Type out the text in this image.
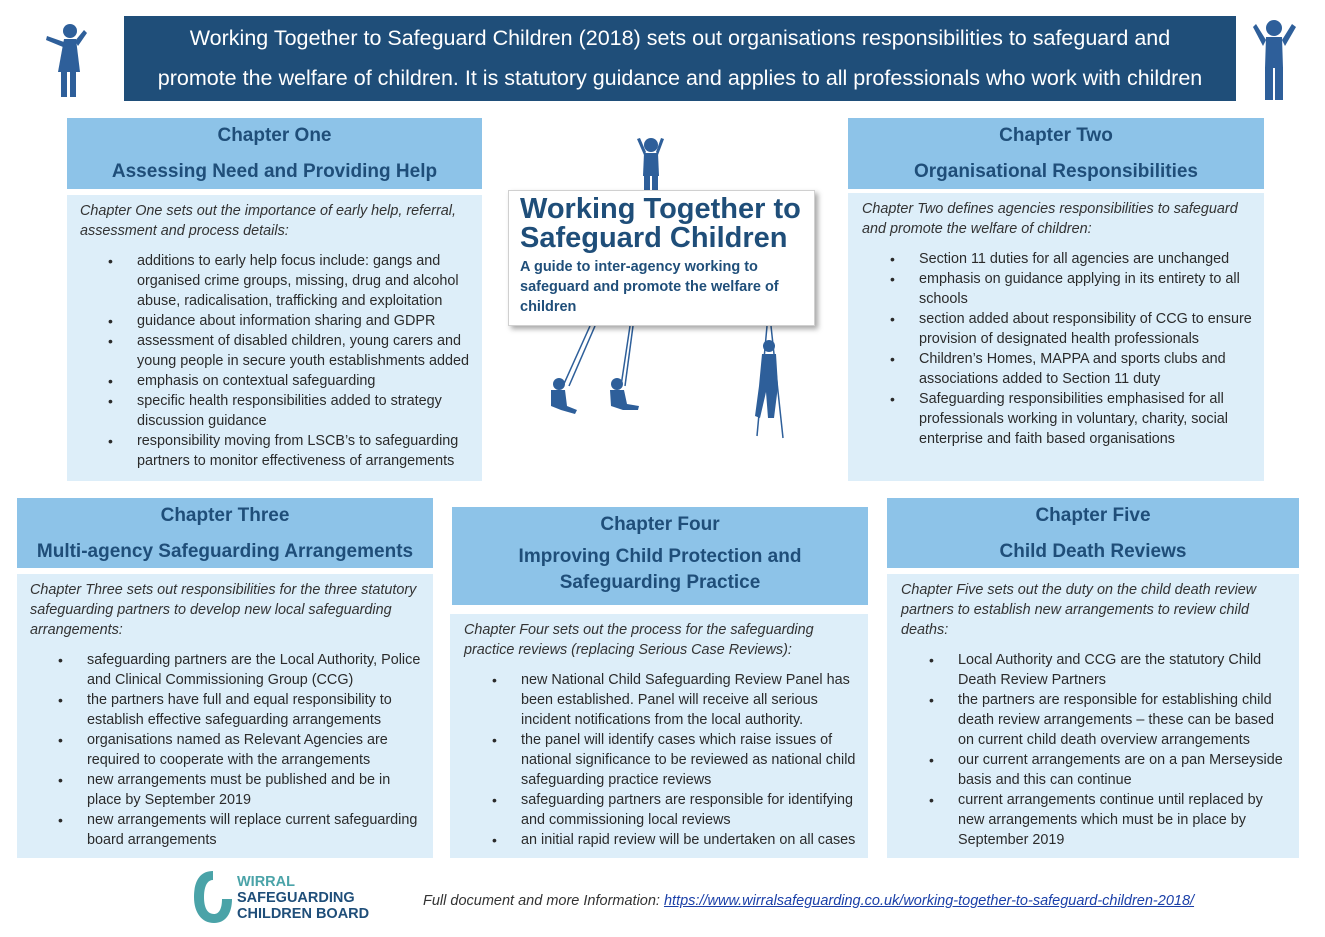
Working Together to Safeguard Children (2018) sets out organisations responsibilities to safeguard and
promote the welfare of children. It is statutory guidance and applies to all professionals who work with children
Working Together to Safeguard Children
A guide to inter-agency working to safeguard and promote the welfare of children
Chapter One
Assessing Need and Providing Help
Chapter One sets out the importance of early help, referral, assessment and process details:
• additions to early help focus include: gangs and organised crime groups, missing, drug and alcohol abuse, radicalisation, trafficking and exploitation
• guidance about information sharing and GDPR
• assessment of disabled children, young carers and young people in secure youth establishments added
• emphasis on contextual safeguarding
• specific health responsibilities added to strategy discussion guidance
• responsibility moving from LSCB’s to safeguarding partners to monitor effectiveness of arrangements
Chapter Two
Organisational Responsibilities
Chapter Two defines agencies responsibilities to safeguard and promote the welfare of children:
• Section 11 duties for all agencies are unchanged
• emphasis on guidance applying in its entirety to all schools
• section added about responsibility of CCG to ensure provision of designated health professionals
• Children’s Homes, MAPPA and sports clubs and associations added to Section 11 duty
• Safeguarding responsibilities emphasised for all professionals working in voluntary, charity, social enterprise and faith based organisations
Chapter Three
Multi-agency Safeguarding Arrangements
Chapter Three sets out responsibilities for the three statutory safeguarding partners to develop new local safeguarding arrangements:
• safeguarding partners are the Local Authority, Police and Clinical Commissioning Group (CCG)
• the partners have full and equal responsibility to establish effective safeguarding arrangements
• organisations named as Relevant Agencies are required to cooperate with the arrangements
• new arrangements must be published and be in place by September 2019
• new arrangements will replace current safeguarding board arrangements
Chapter Four
Improving Child Protection and Safeguarding Practice
Chapter Four sets out the process for the safeguarding practice reviews (replacing Serious Case Reviews):
• new National Child Safeguarding Review Panel has been established. Panel will receive all serious incident notifications from the local authority.
• the panel will identify cases which raise issues of national significance to be reviewed as national child safeguarding practice reviews
• safeguarding partners are responsible for identifying and commissioning local reviews
• an initial rapid review will be undertaken on all cases
Chapter Five
Child Death Reviews
Chapter Five sets out the duty on the child death review partners to establish new arrangements to review child deaths:
• Local Authority and CCG are the statutory Child Death Review Partners
• the partners are responsible for establishing child death review arrangements – these can be based on current child death overview arrangements
• our current arrangements are on a pan Merseyside basis and this can continue
• current arrangements continue until replaced by new arrangements which must be in place by September 2019
WIRRAL
SAFEGUARDING
CHILDREN BOARD
Full document and more Information: https://www.wirralsafeguarding.co.uk/working-together-to-safeguard-children-2018/
